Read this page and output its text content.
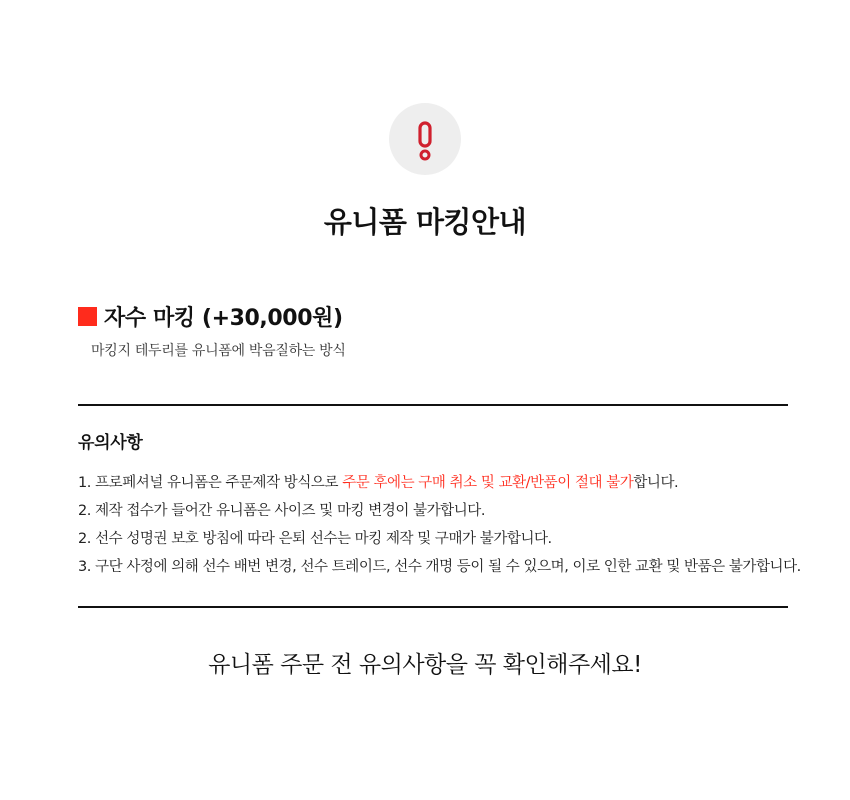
유니폼 마킹안내
자수 마킹 (+30,000원)
마킹지 테두리를 유니폼에 박음질하는 방식
유의사항
1. 프로페셔널 유니폼은 주문제작 방식으로 주문 후에는 구매 취소 및 교환/반품이 절대 불가합니다.
2. 제작 접수가 들어간 유니폼은 사이즈 및 마킹 변경이 불가합니다.
2. 선수 성명권 보호 방침에 따라 은퇴 선수는 마킹 제작 및 구매가 불가합니다.
3. 구단 사정에 의해 선수 배번 변경, 선수 트레이드, 선수 개명 등이 될 수 있으며, 이로 인한 교환 및 반품은 불가합니다.
유니폼 주문 전 유의사항을 꼭 확인해주세요!
